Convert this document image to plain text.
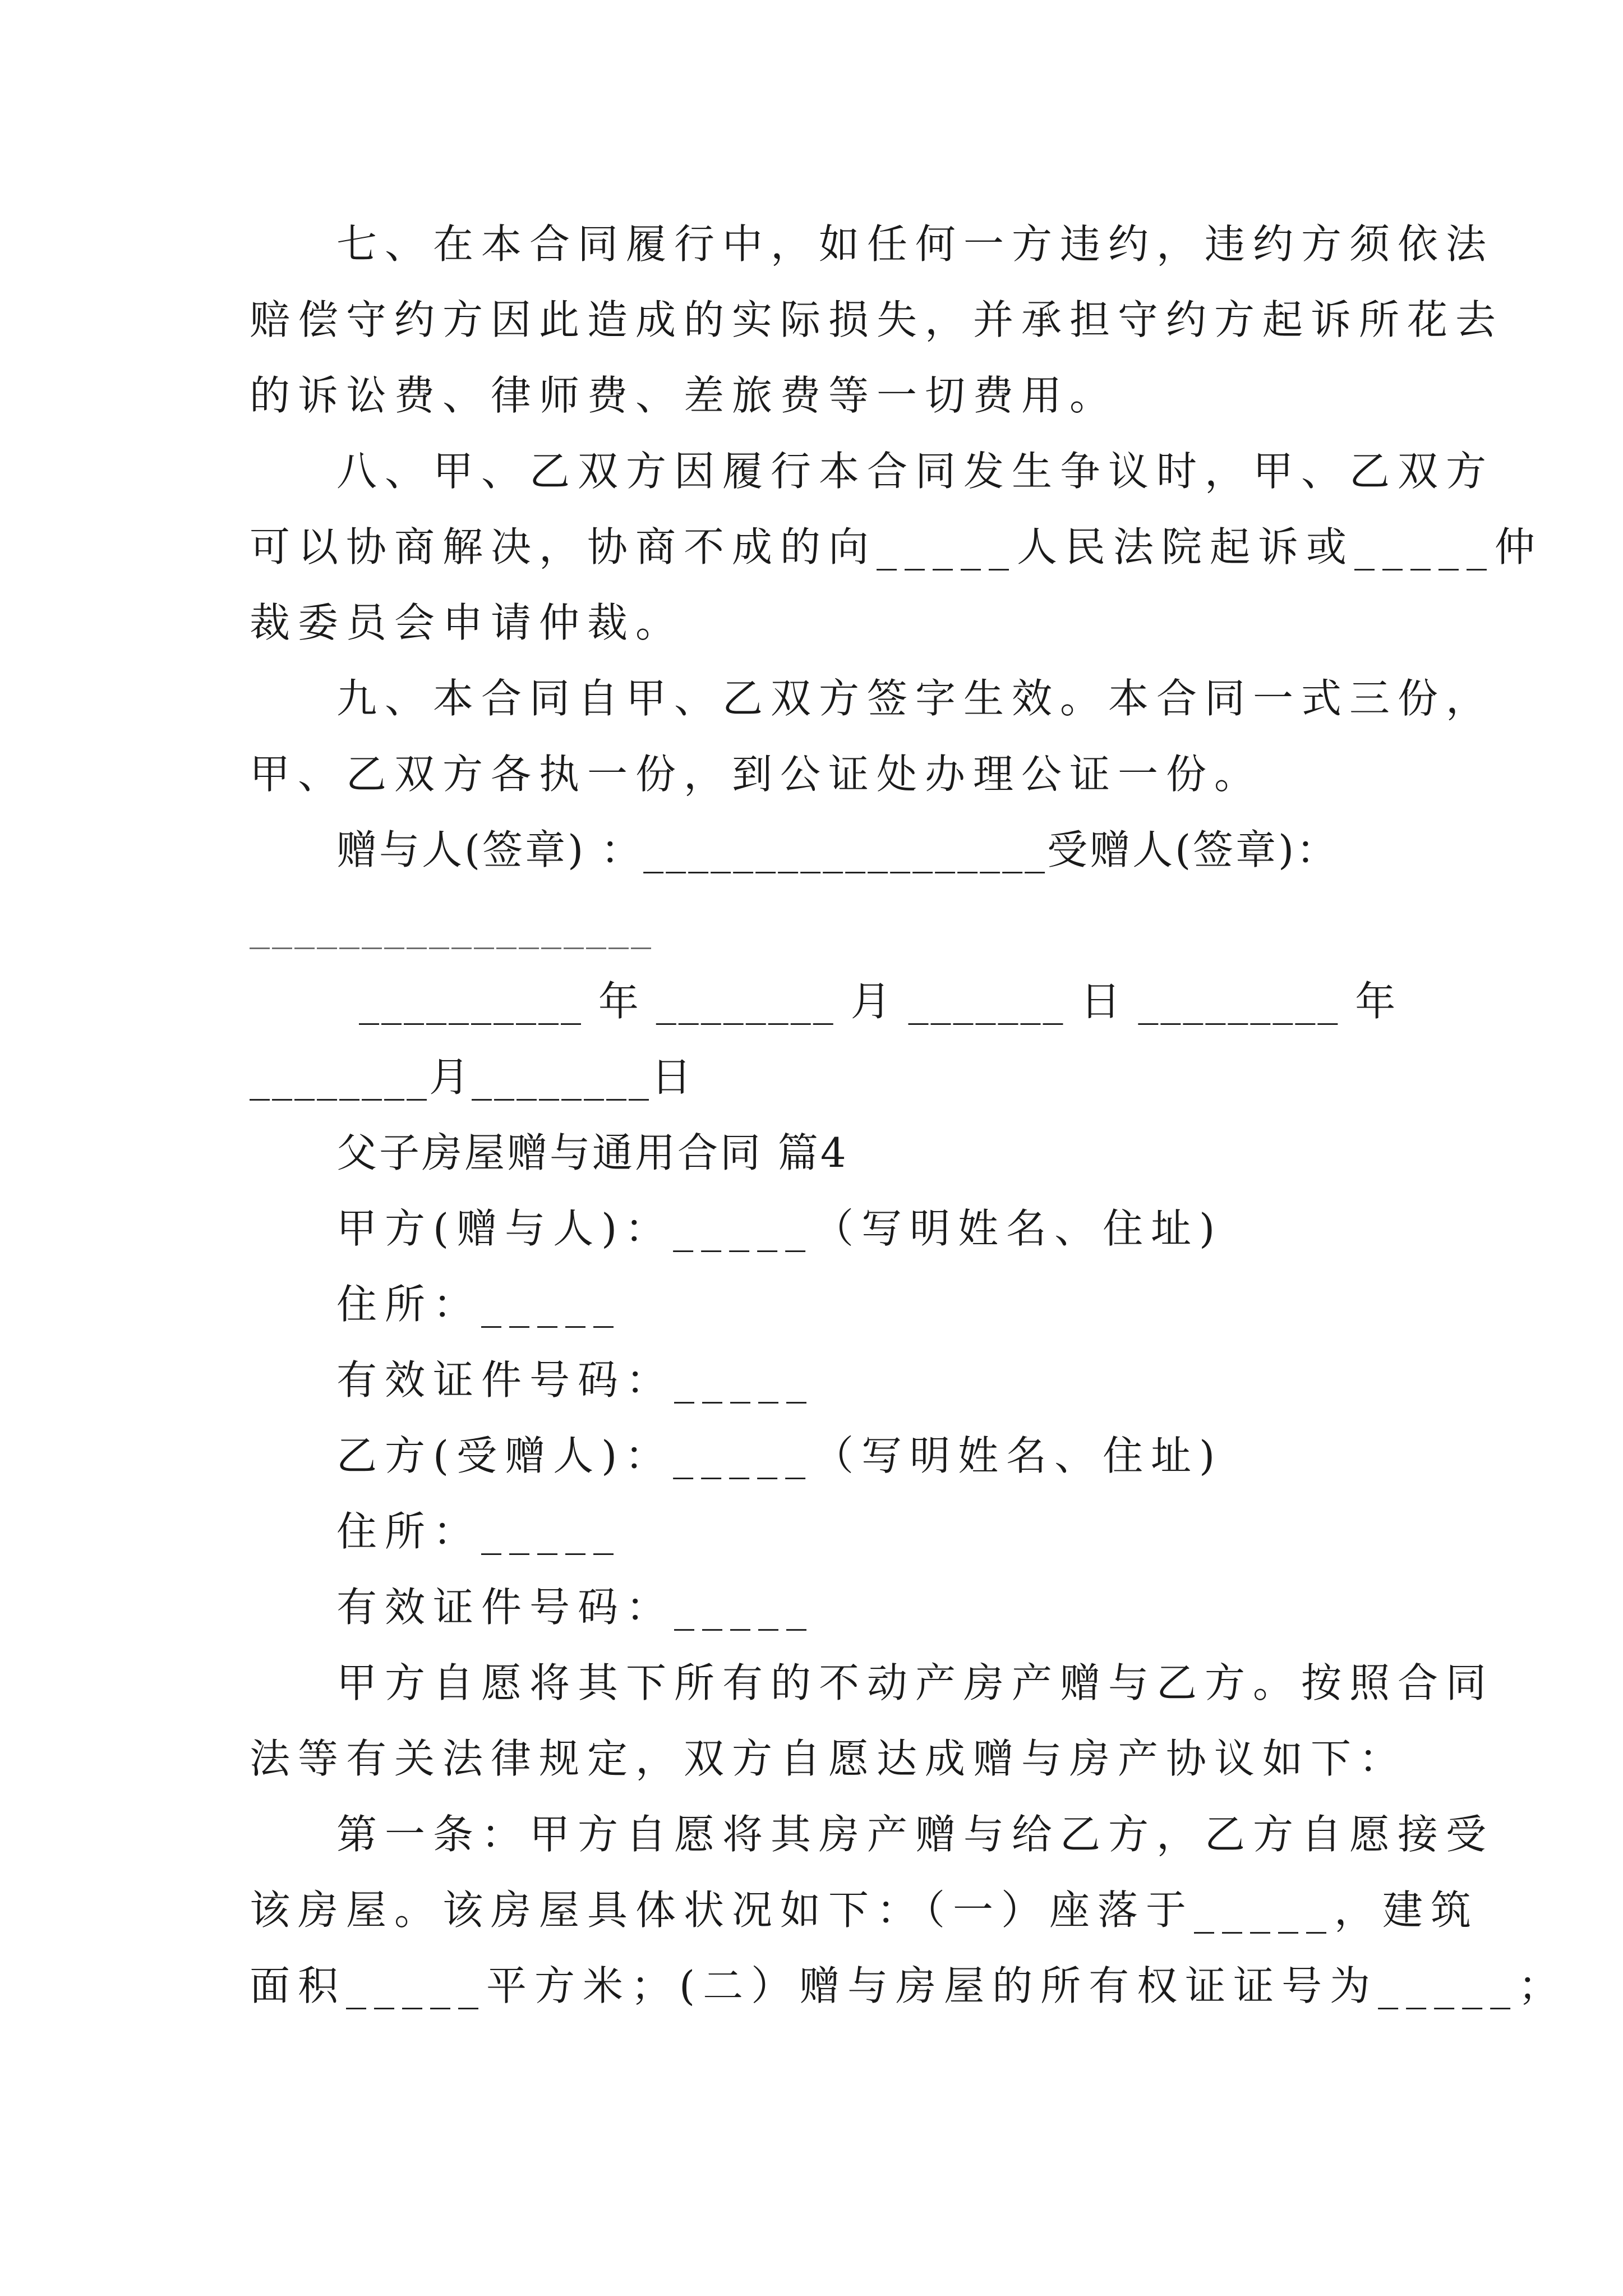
七、在本合同履行中，如任何一方违约，违约方须依法
赔偿守约方因此造成的实际损失，并承担守约方起诉所花去
的诉讼费、律师费、差旅费等一切费用。
八、甲、乙双方因履行本合同发生争议时，甲、乙双方
可以协商解决，协商不成的向_____人民法院起诉或_____仲
裁委员会申请仲裁。
九、本合同自甲、乙双方签字生效。本合同一式三份，
甲、乙双方各执一份，到公证处办理公证一份。
赠与人(签章) ：__________________受赠人(签章)：
__________________
__________ 年 ________ 月 _______ 日 _________ 年
________月________日
父子房屋赠与通用合同 篇4
甲方(赠与人)：_____（写明姓名、住址)
住所：_____
有效证件号码：_____
乙方(受赠人)：_____（写明姓名、住址)
住所：_____
有效证件号码：_____
甲方自愿将其下所有的不动产房产赠与乙方。按照合同
法等有关法律规定，双方自愿达成赠与房产协议如下：
第一条：甲方自愿将其房产赠与给乙方，乙方自愿接受
该房屋。该房屋具体状况如下：（一）座落于_____，建筑
面积_____平方米；(二）赠与房屋的所有权证证号为_____；
